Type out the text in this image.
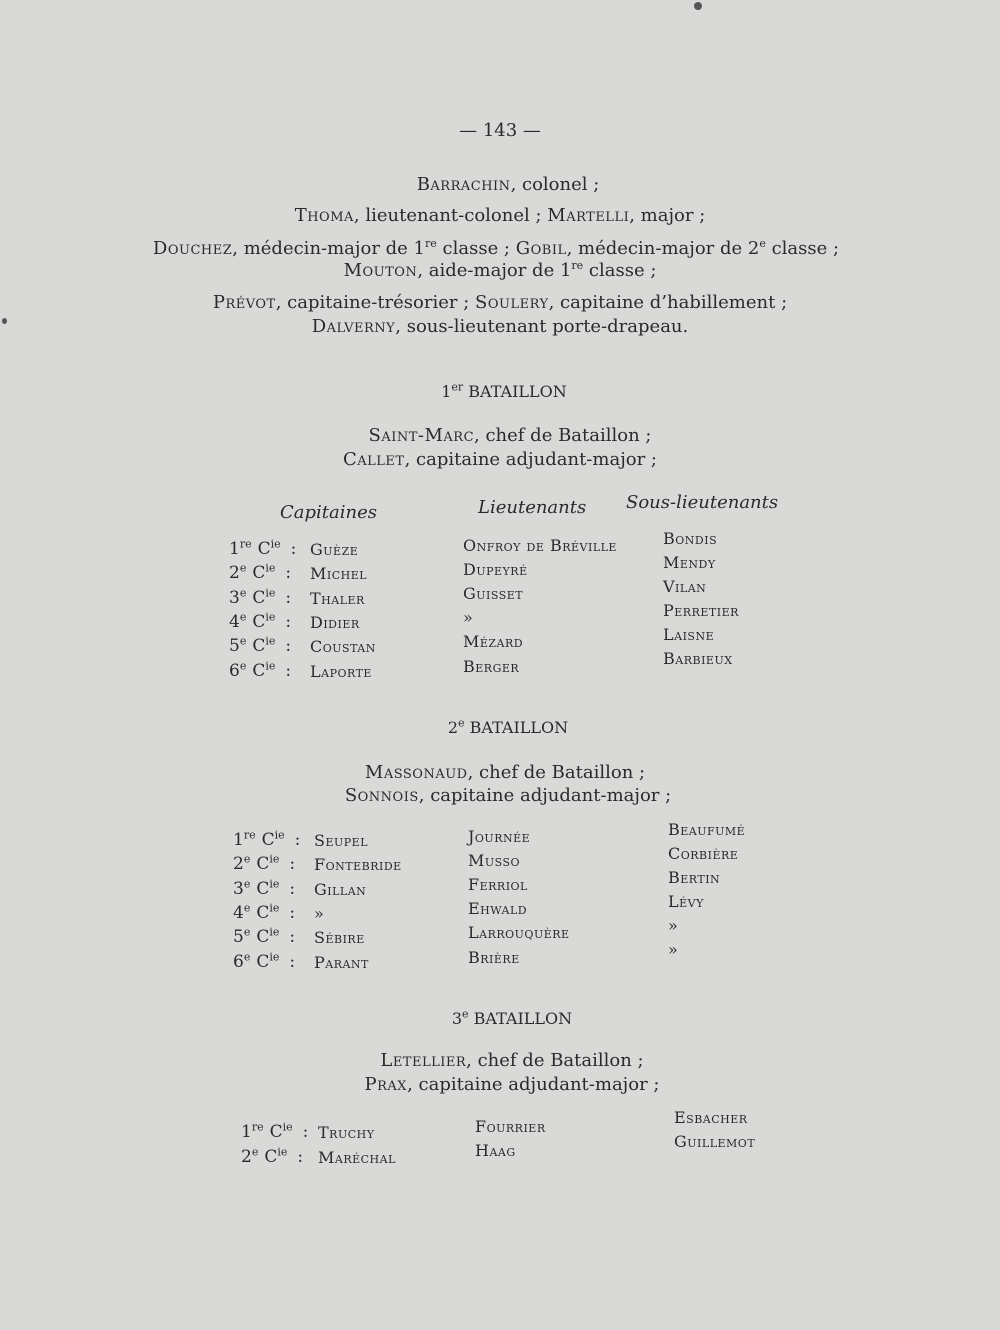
— 143 —
Barrachin, colonel ;
Thoma, lieutenant-colonel ; Martelli, major ;
Douchez, médecin-major de 1re classe ; Gobil, médecin-major de 2e classe ;
Mouton, aide-major de 1re classe ;
Prévot, capitaine-trésorier ; Soulery, capitaine d’habillement ;
Dalverny, sous-lieutenant porte-drapeau.
1er BATAILLON
Saint-Marc, chef de Bataillon ;
Callet, capitaine adjudant-major ;
Capitaines	Lieutenants Sous-lieutenants
1re $C^{ie}$ : Guèze	Onfroy de Bréville	Bondis
2e $C^{ie}$ : Michel	Dupeyré	Mendy
3e $C^{ie}$ : Thaler	Guisset	Vilan
4e $C^{ie}$ : Didier	»	Perretier
5e $C^{ie}$ : Coustan	Mézard	Laisne
6e $C^{ie}$ : Laporte	Berger	Barbieux
2e BATAILLON
Massonaud, chef de Bataillon ;
Sonnois, capitaine adjudant-major ;
1re $C^{ie}$ : Seupel	Journée	Beaufumé
2e $C^{ie}$ : Fontebride	Musso	Corbière
3e $C^{ie}$ : Gillan	Ferriol	Bertin
4e $C^{ie}$ : »	Ehwald	Lévy
5e $C^{ie}$ : Sébire	Larrouquère	»
6e $C^{ie}$ : Parant	Brière	»
3e BATAILLON
Letellier, chef de Bataillon ;
Prax, capitaine adjudant-major ;
1re $C^{ie}$ : Truchy	Fourrier	Esbacher
2e $C^{ie}$ : Maréchal	Haag	Guillemot
